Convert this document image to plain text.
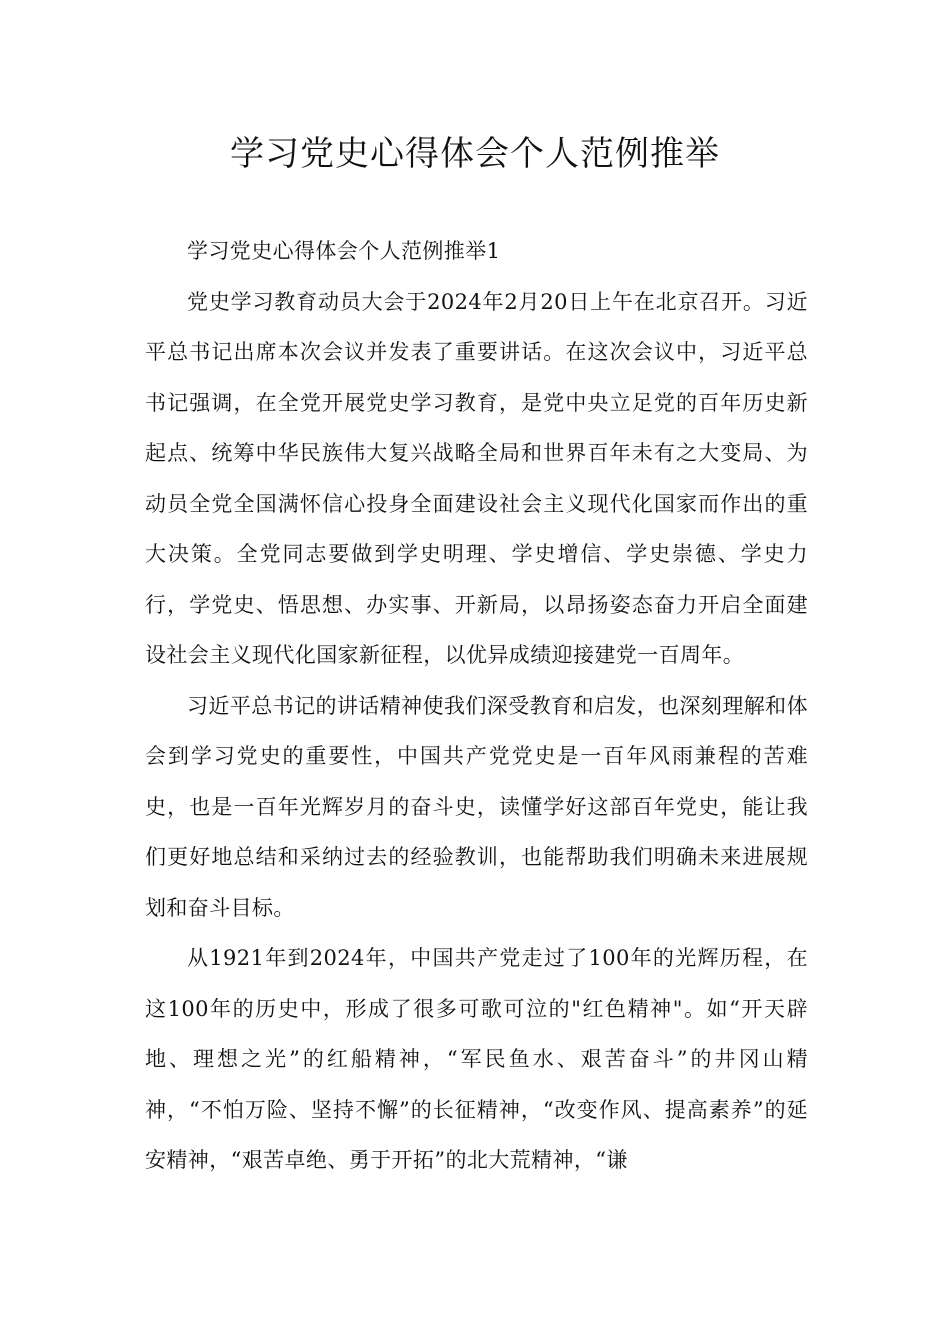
学习党史心得体会个人范例推举

学习党史心得体会个人范例推举1

党史学习教育动员大会于2024年2月20日上午在北京召开。习近平总书记出席本次会议并发表了重要讲话。在这次会议中，习近平总书记强调，在全党开展党史学习教育，是党中央立足党的百年历史新起点、统筹中华民族伟大复兴战略全局和世界百年未有之大变局、为动员全党全国满怀信心投身全面建设社会主义现代化国家而作出的重大决策。全党同志要做到学史明理、学史增信、学史崇德、学史力行，学党史、悟思想、办实事、开新局，以昂扬姿态奋力开启全面建设社会主义现代化国家新征程，以优异成绩迎接建党一百周年。

习近平总书记的讲话精神使我们深受教育和启发，也深刻理解和体会到学习党史的重要性，中国共产党党史是一百年风雨兼程的苦难史，也是一百年光辉岁月的奋斗史，读懂学好这部百年党史，能让我们更好地总结和采纳过去的经验教训，也能帮助我们明确未来进展规划和奋斗目标。

从1921年到2024年，中国共产党走过了100年的光辉历程，在这100年的历史中，形成了很多可歌可泣的"红色精神"。如“开天辟地、理想之光”的红船精神，“军民鱼水、艰苦奋斗”的井冈山精神，“不怕万险、坚持不懈”的长征精神，“改变作风、提高素养”的延安精神，“艰苦卓绝、勇于开拓”的北大荒精神，“谦
